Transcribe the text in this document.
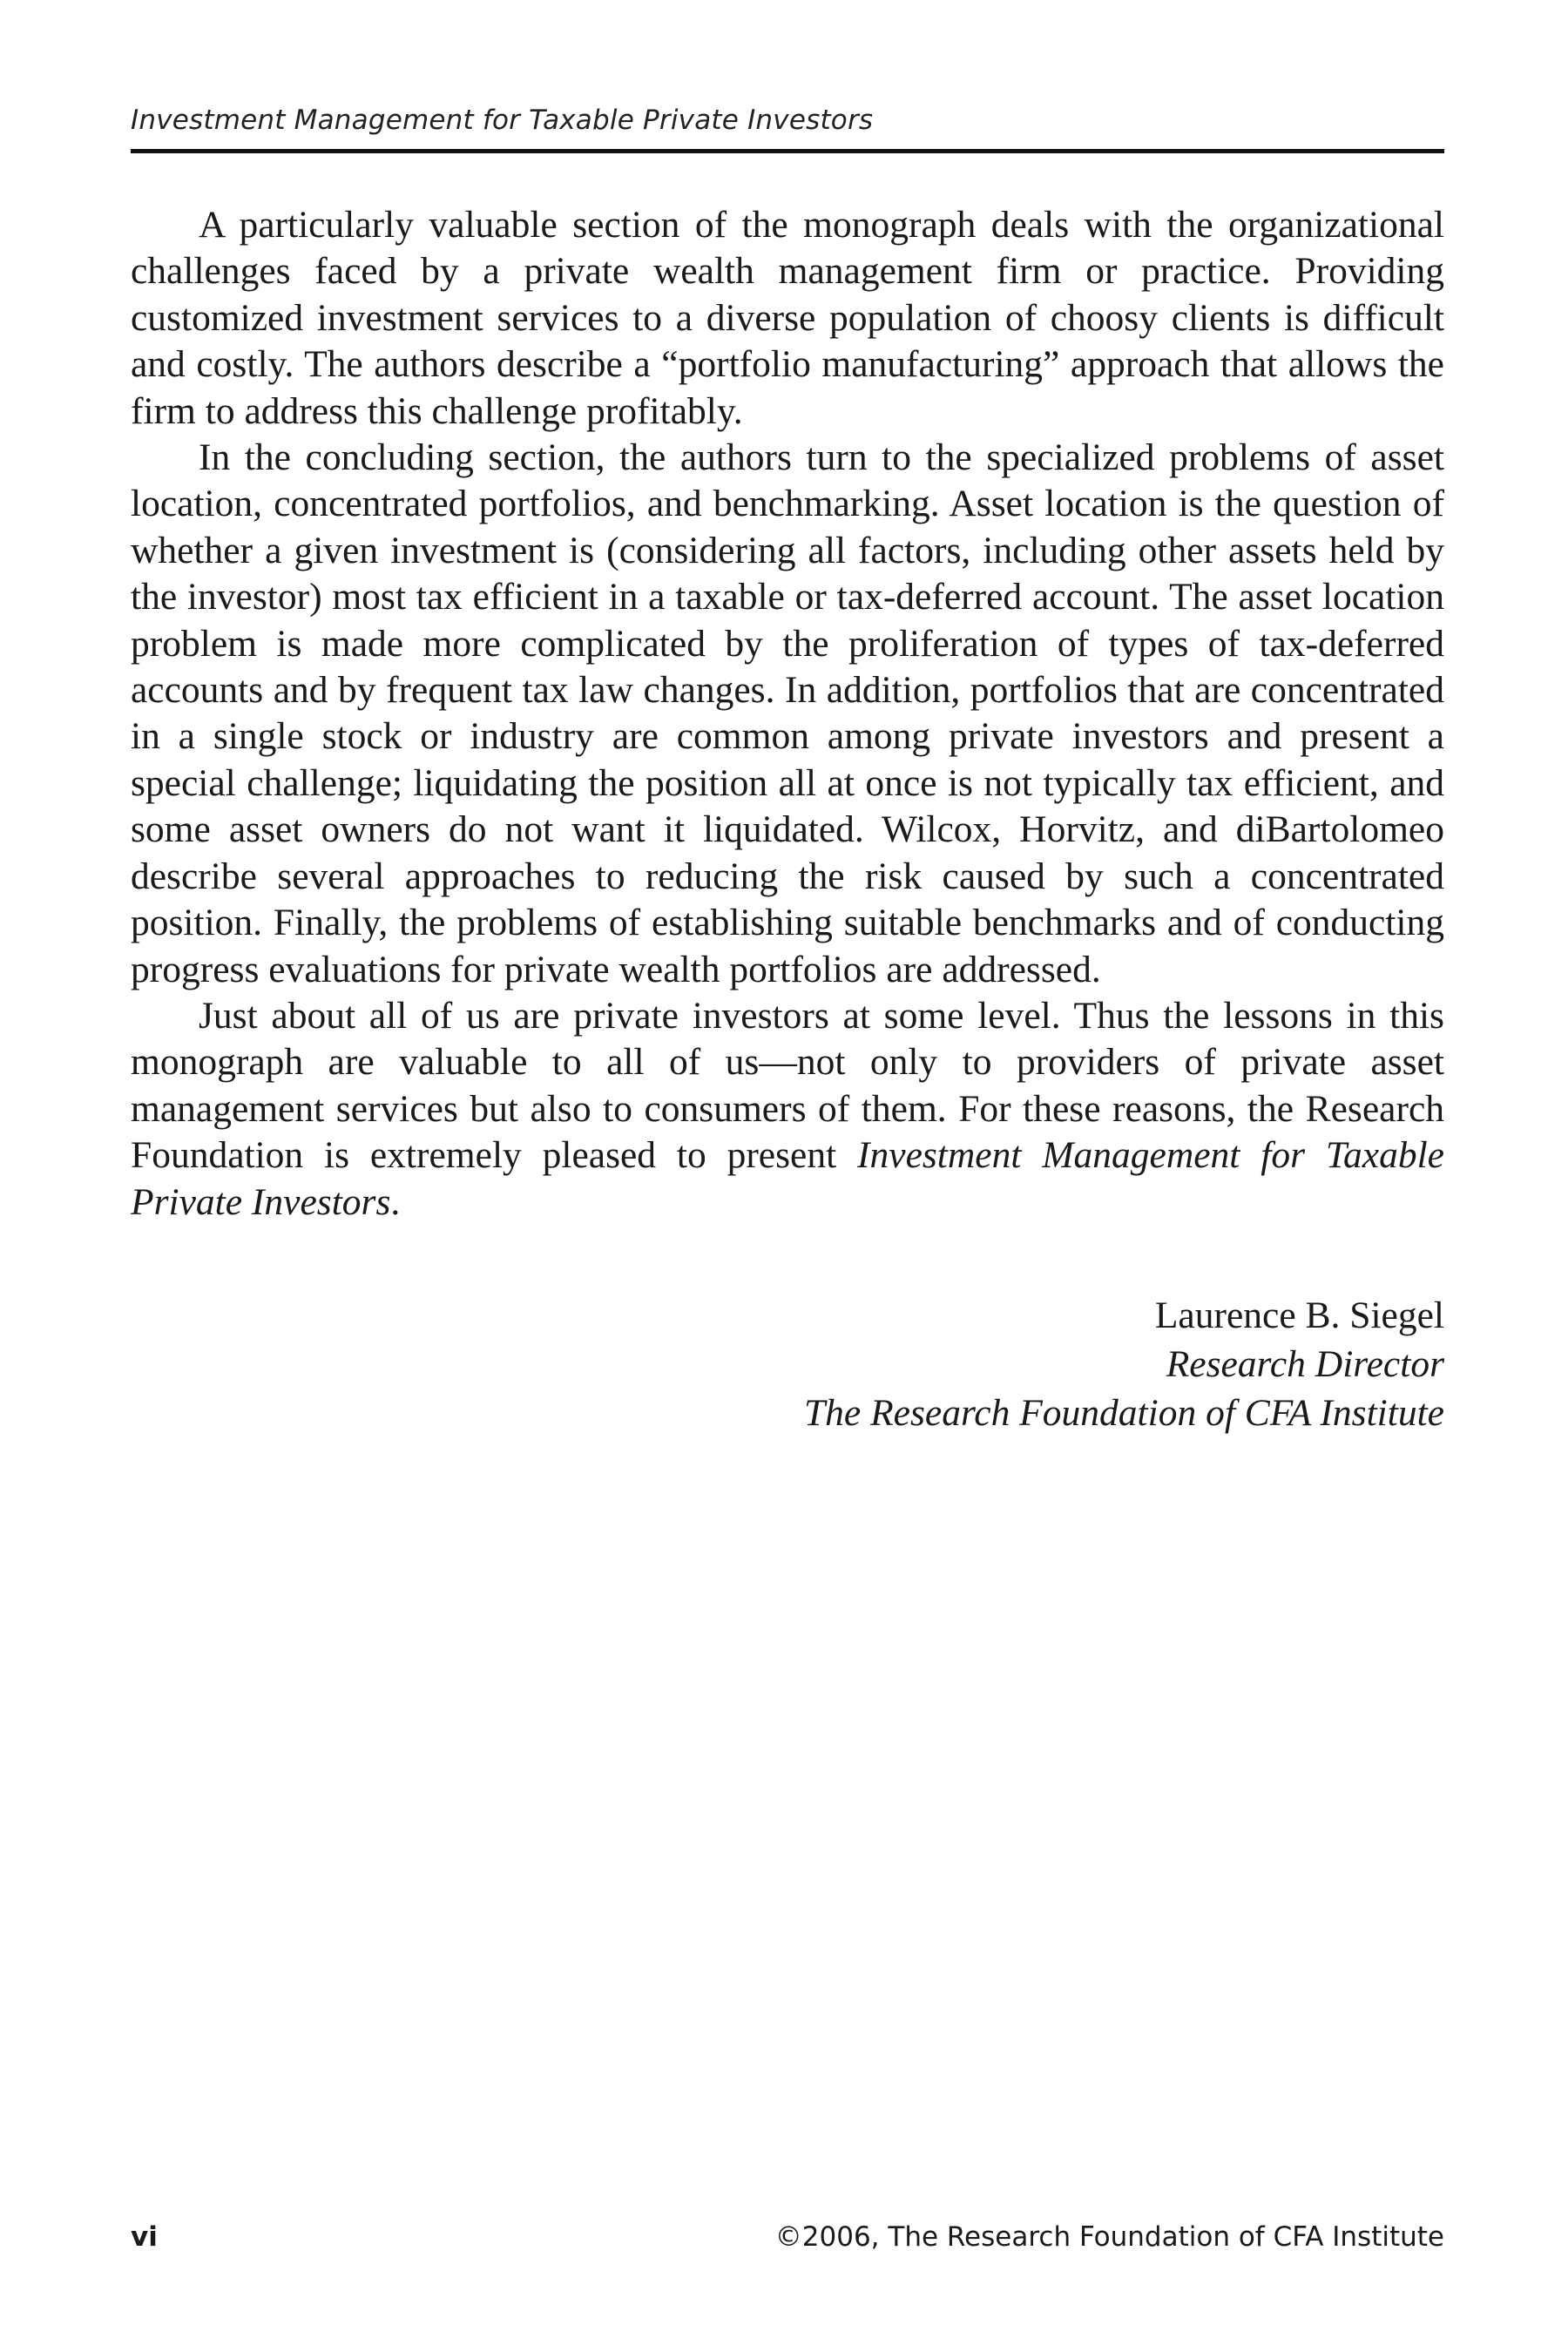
Investment Management for Taxable Private Investors

A particularly valuable section of the monograph deals with the organizational challenges faced by a private wealth management firm or practice. Providing customized investment services to a diverse population of choosy clients is difficult and costly. The authors describe a “portfolio manufacturing” approach that allows the firm to address this challenge profitably.

In the concluding section, the authors turn to the specialized problems of asset location, concentrated portfolios, and benchmarking. Asset location is the question of whether a given investment is (considering all factors, including other assets held by the investor) most tax efficient in a taxable or tax-deferred account. The asset location problem is made more complicated by the proliferation of types of tax-deferred accounts and by frequent tax law changes. In addition, portfolios that are concentrated in a single stock or industry are common among private investors and present a special challenge; liquidating the position all at once is not typically tax efficient, and some asset owners do not want it liquidated. Wilcox, Horvitz, and diBartolomeo describe several approaches to reducing the risk caused by such a concentrated position. Finally, the problems of establishing suitable benchmarks and of conducting progress evaluations for private wealth portfolios are addressed.

Just about all of us are private investors at some level. Thus the lessons in this monograph are valuable to all of us—not only to providers of private asset management services but also to consumers of them. For these reasons, the Research Foundation is extremely pleased to present Investment Management for Taxable Private Investors.

Laurence B. Siegel
Research Director
The Research Foundation of CFA Institute
vi	©2006, The Research Foundation of CFA Institute
